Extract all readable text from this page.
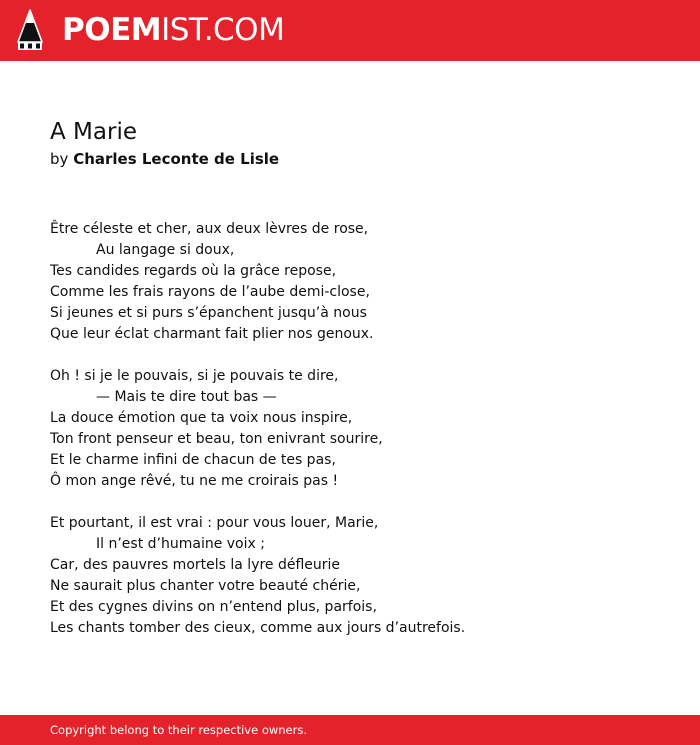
POEMIST.COM
A Marie
by Charles Leconte de Lisle
Être céleste et cher, aux deux lèvres de rose,
Au langage si doux,
Tes candides regards où la grâce repose,
Comme les frais rayons de l’aube demi-close,
Si jeunes et si purs s’épanchent jusqu’à nous
Que leur éclat charmant fait plier nos genoux.
Oh ! si je le pouvais, si je pouvais te dire,
— Mais te dire tout bas —
La douce émotion que ta voix nous inspire,
Ton front penseur et beau, ton enivrant sourire,
Et le charme infini de chacun de tes pas,
Ô mon ange rêvé, tu ne me croirais pas !
Et pourtant, il est vrai : pour vous louer, Marie,
Il n’est d’humaine voix ;
Car, des pauvres mortels la lyre défleurie
Ne saurait plus chanter votre beauté chérie,
Et des cygnes divins on n’entend plus, parfois,
Les chants tomber des cieux, comme aux jours d’autrefois.
Copyright belong to their respective owners.
